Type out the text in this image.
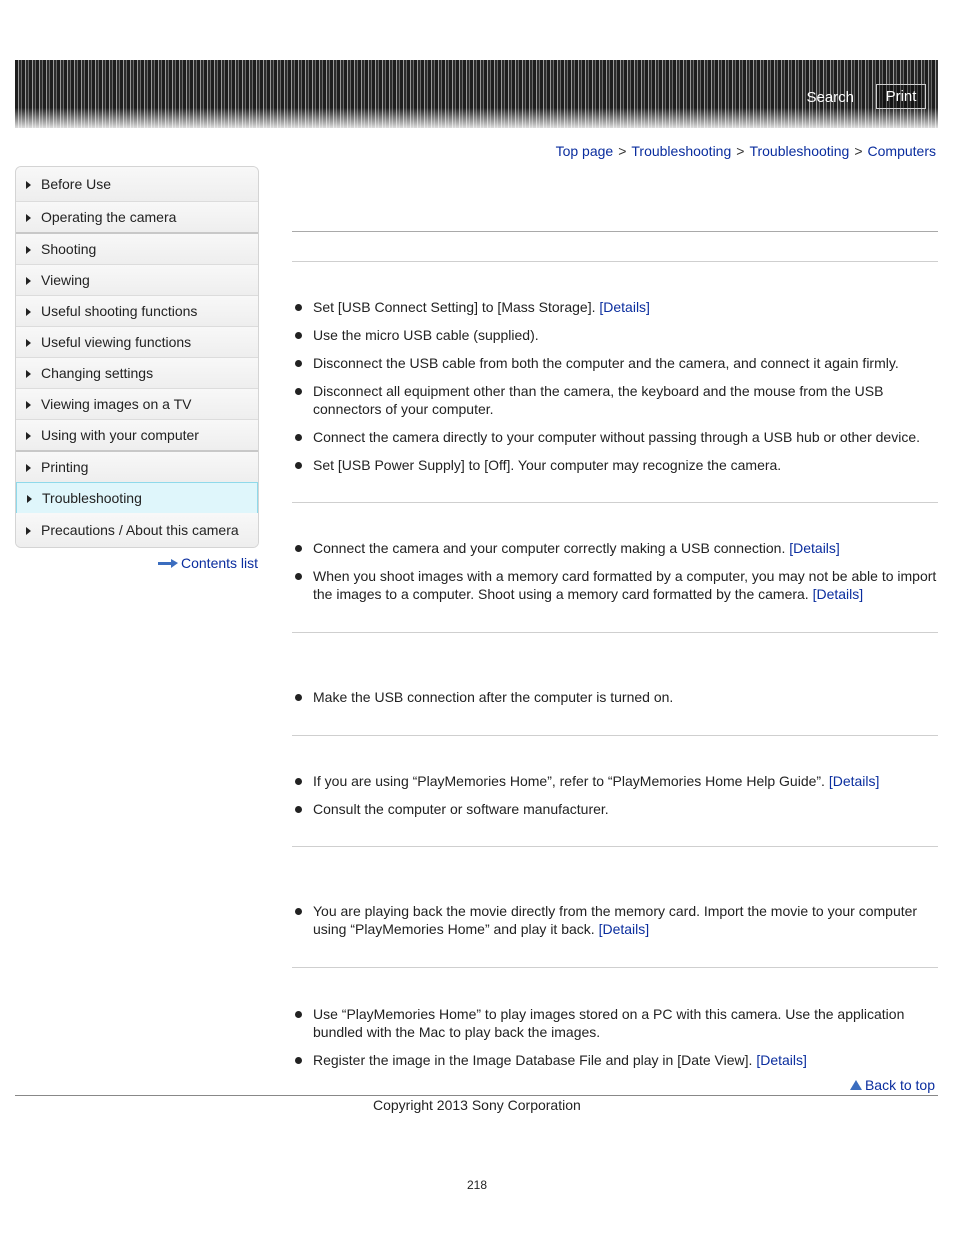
Search	Print
Top page > Troubleshooting > Troubleshooting > Computers
Before Use
Operating the camera
Shooting
Viewing
Useful shooting functions
Useful viewing functions
Changing settings
Viewing images on a TV
Using with your computer
Printing
Troubleshooting
Precautions / About this camera
Contents list
Set [USB Connect Setting] to [Mass Storage]. [Details]
Use the micro USB cable (supplied).
Disconnect the USB cable from both the computer and the camera, and connect it again firmly.
Disconnect all equipment other than the camera, the keyboard and the mouse from the USB connectors of your computer.
Connect the camera directly to your computer without passing through a USB hub or other device.
Set [USB Power Supply] to [Off]. Your computer may recognize the camera.
Connect the camera and your computer correctly making a USB connection. [Details]
When you shoot images with a memory card formatted by a computer, you may not be able to import the images to a computer. Shoot using a memory card formatted by the camera. [Details]
Make the USB connection after the computer is turned on.
If you are using “PlayMemories Home”, refer to “PlayMemories Home Help Guide”. [Details]
Consult the computer or software manufacturer.
You are playing back the movie directly from the memory card. Import the movie to your computer using “PlayMemories Home” and play it back. [Details]
Use “PlayMemories Home” to play images stored on a PC with this camera. Use the application bundled with the Mac to play back the images.
Register the image in the Image Database File and play in [Date View]. [Details]
Back to top
Copyright 2013 Sony Corporation
218
